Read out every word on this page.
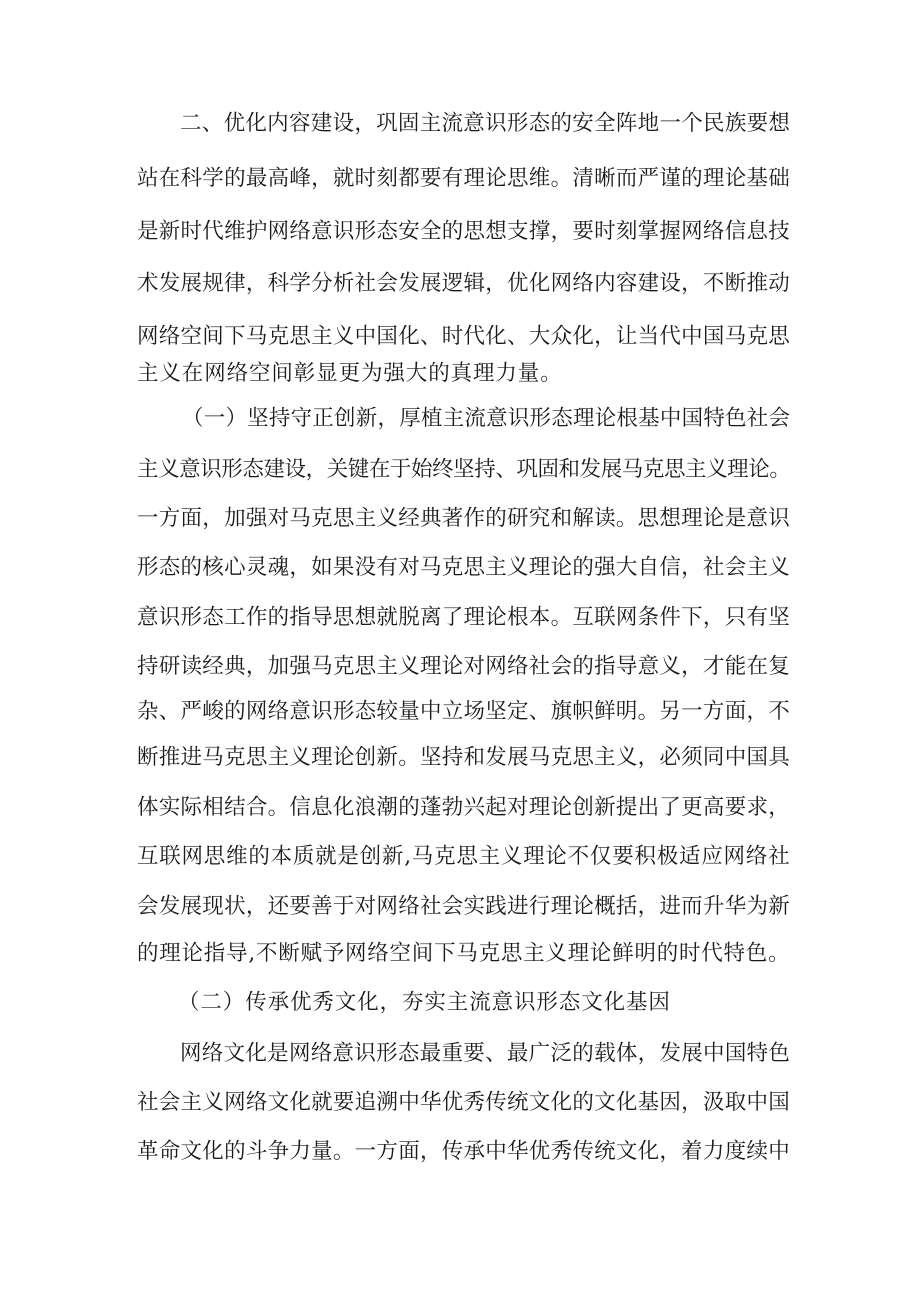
二、优化内容建设，巩固主流意识形态的安全阵地一个民族要想

站在科学的最高峰，就时刻都要有理论思维。清晰而严谨的理论基础

是新时代维护网络意识形态安全的思想支撑，要时刻掌握网络信息技

术发展规律，科学分析社会发展逻辑，优化网络内容建设，不断推动

网络空间下马克思主义中国化、时代化、大众化，让当代中国马克思

主义在网络空间彰显更为强大的真理力量。

（一）坚持守正创新，厚植主流意识形态理论根基中国特色社会

主义意识形态建设，关键在于始终坚持、巩固和发展马克思主义理论。

一方面，加强对马克思主义经典著作的研究和解读。思想理论是意识

形态的核心灵魂，如果没有对马克思主义理论的强大自信，社会主义

意识形态工作的指导思想就脱离了理论根本。互联网条件下，只有坚

持研读经典，加强马克思主义理论对网络社会的指导意义，才能在复

杂、严峻的网络意识形态较量中立场坚定、旗帜鲜明。另一方面，不

断推进马克思主义理论创新。坚持和发展马克思主义，必须同中国具

体实际相结合。信息化浪潮的蓬勃兴起对理论创新提出了更高要求，

互联网思维的本质就是创新,马克思主义理论不仅要积极适应网络社

会发展现状，还要善于对网络社会实践进行理论概括，进而升华为新

的理论指导,不断赋予网络空间下马克思主义理论鲜明的时代特色。

（二）传承优秀文化，夯实主流意识形态文化基因

网络文化是网络意识形态最重要、最广泛的载体，发展中国特色

社会主义网络文化就要追溯中华优秀传统文化的文化基因，汲取中国

革命文化的斗争力量。一方面，传承中华优秀传统文化，着力度续中
